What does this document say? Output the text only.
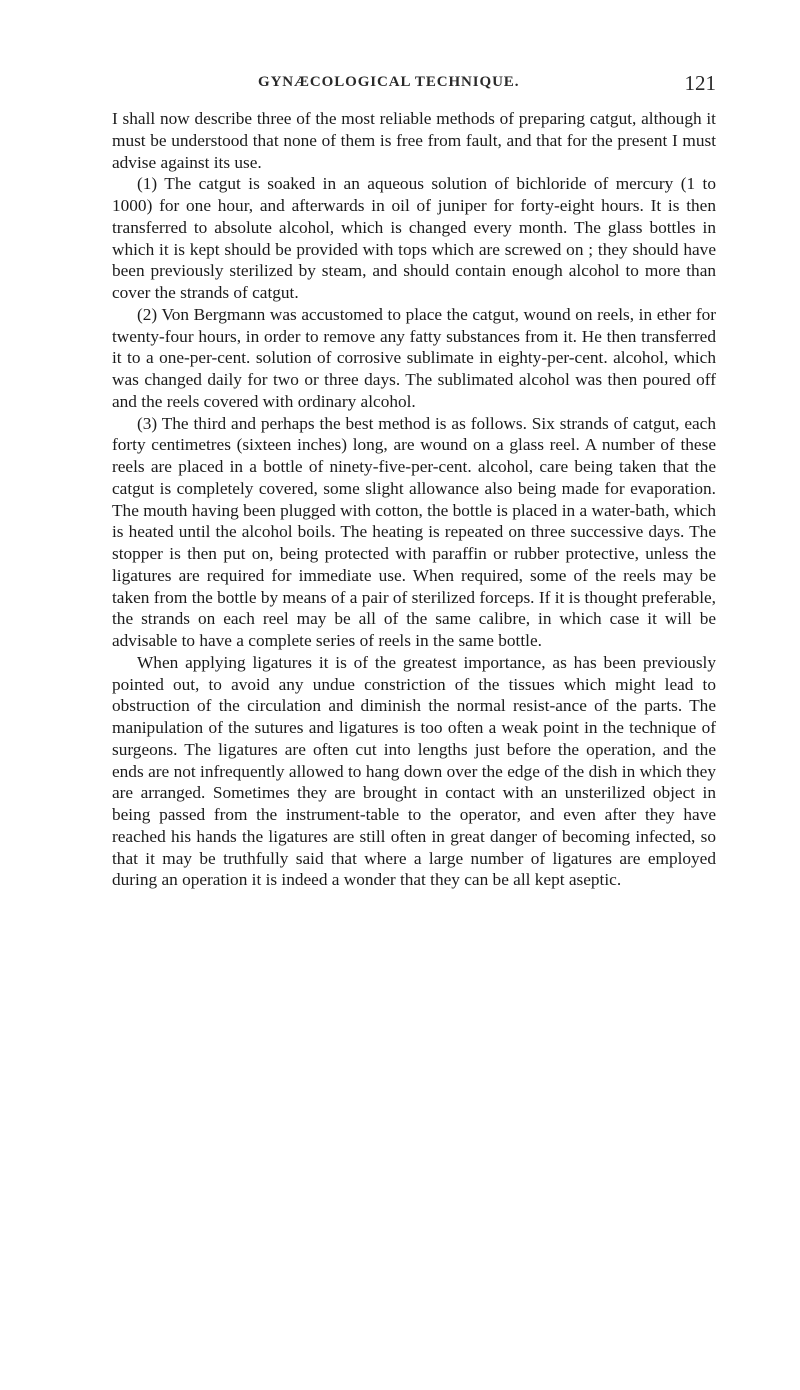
GYNÆCOLOGICAL TECHNIQUE.	121

I shall now describe three of the most reliable methods of preparing catgut, although it must be understood that none of them is free from fault, and that for the present I must advise against its use.

(1) The catgut is soaked in an aqueous solution of bichloride of mercury (1 to 1000) for one hour, and afterwards in oil of juniper for forty-eight hours. It is then transferred to absolute alcohol, which is changed every month. The glass bottles in which it is kept should be provided with tops which are screwed on ; they should have been previously sterilized by steam, and should contain enough alcohol to more than cover the strands of catgut.

(2) Von Bergmann was accustomed to place the catgut, wound on reels, in ether for twenty-four hours, in order to remove any fatty substances from it. He then transferred it to a one-per-cent. solution of corrosive sublimate in eighty-per-cent. alcohol, which was changed daily for two or three days. The sublimated alcohol was then poured off and the reels covered with ordinary alcohol.

(3) The third and perhaps the best method is as follows. Six strands of catgut, each forty centimetres (sixteen inches) long, are wound on a glass reel. A number of these reels are placed in a bottle of ninety-five-per-cent. alcohol, care being taken that the catgut is completely covered, some slight allowance also being made for evaporation. The mouth having been plugged with cotton, the bottle is placed in a water-bath, which is heated until the alcohol boils. The heating is repeated on three successive days. The stopper is then put on, being protected with paraffin or rubber protective, unless the ligatures are required for immediate use. When required, some of the reels may be taken from the bottle by means of a pair of sterilized forceps. If it is thought preferable, the strands on each reel may be all of the same calibre, in which case it will be advisable to have a complete series of reels in the same bottle.

When applying ligatures it is of the greatest importance, as has been previously pointed out, to avoid any undue constriction of the tissues which might lead to obstruction of the circulation and diminish the normal resist-ance of the parts. The manipulation of the sutures and ligatures is too often a weak point in the technique of surgeons. The ligatures are often cut into lengths just before the operation, and the ends are not infrequently allowed to hang down over the edge of the dish in which they are arranged. Sometimes they are brought in contact with an unsterilized object in being passed from the instrument-table to the operator, and even after they have reached his hands the ligatures are still often in great danger of becoming infected, so that it may be truthfully said that where a large number of ligatures are employed during an operation it is indeed a wonder that they can be all kept aseptic.
